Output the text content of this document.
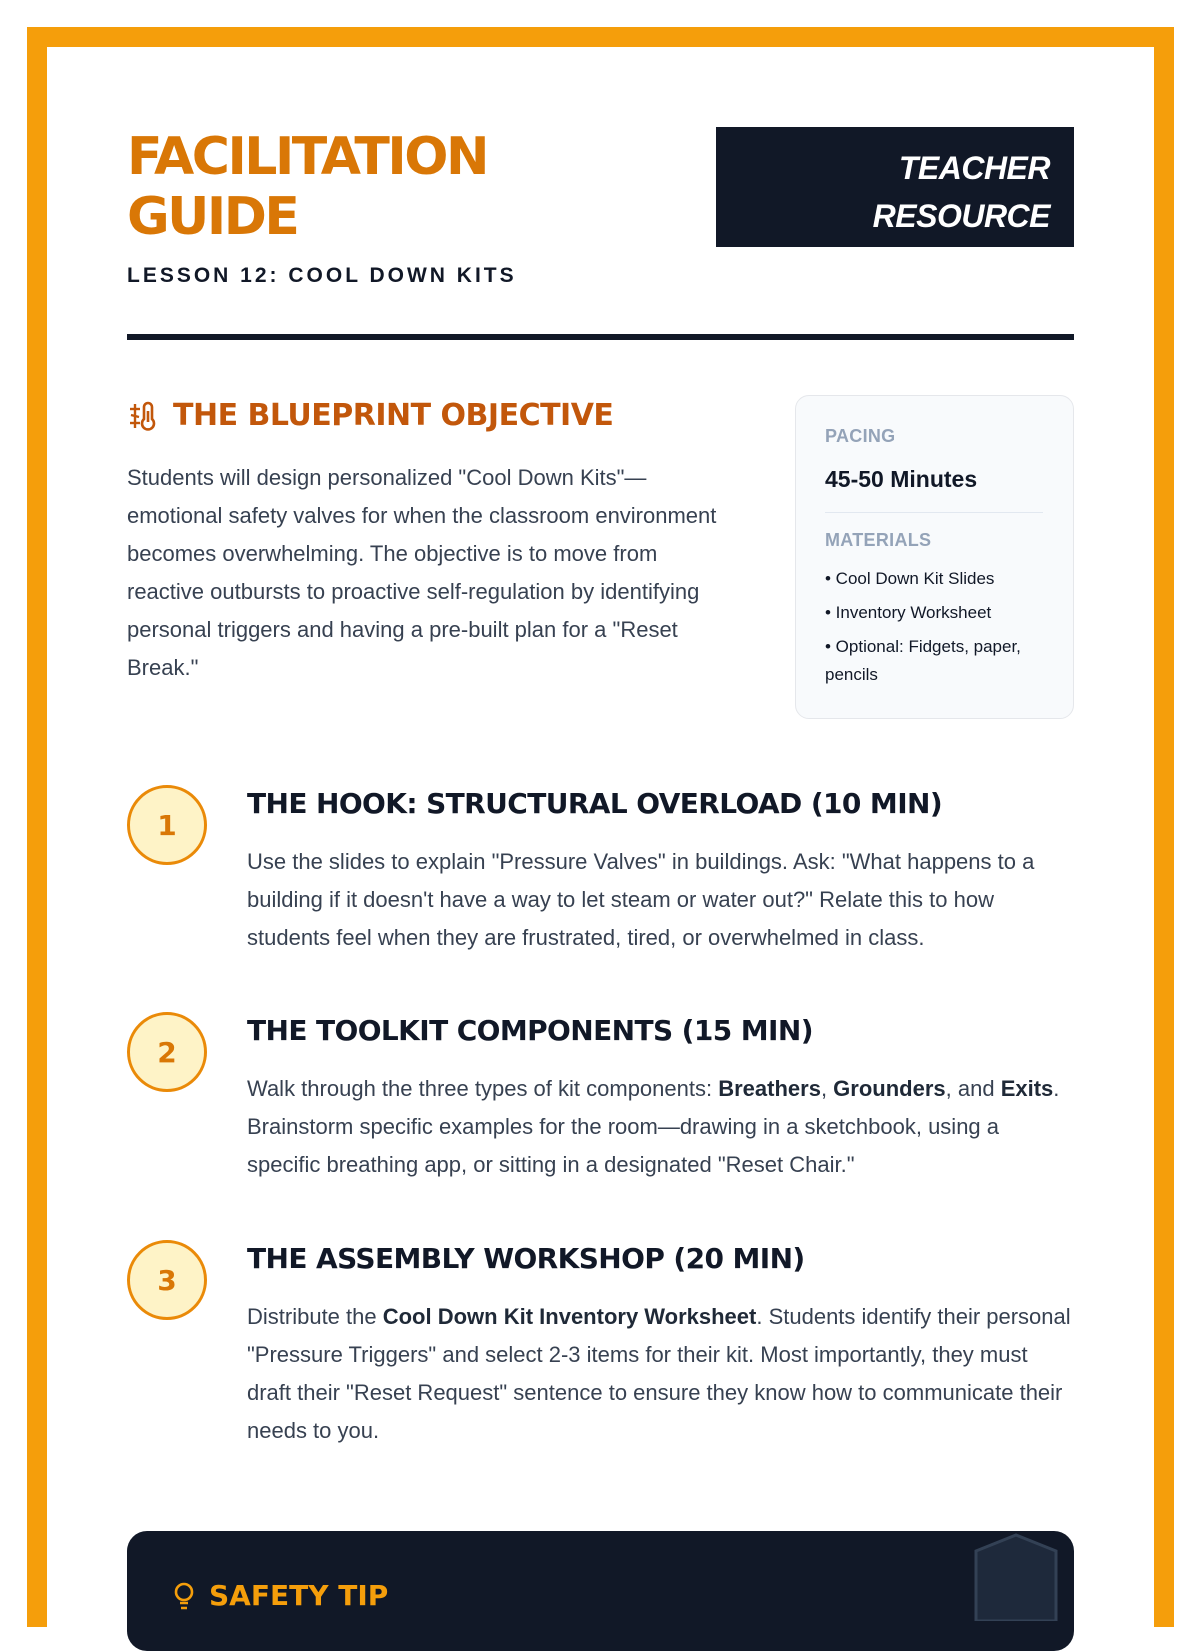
FACILITATION
GUIDE
LESSON 12: COOL DOWN KITS
TEACHER
RESOURCE
THE BLUEPRINT OBJECTIVE

Students will design personalized "Cool Down Kits"—emotional safety valves for when the classroom environment becomes overwhelming. The objective is to move from reactive outbursts to proactive self-regulation by identifying personal triggers and having a pre-built plan for a "Reset Break."

PACING
45-50 Minutes
MATERIALS
• Cool Down Kit Slides
• Inventory Worksheet
• Optional: Fidgets, paper, pencils
1
THE HOOK: STRUCTURAL OVERLOAD (10 MIN)

Use the slides to explain "Pressure Valves" in buildings. Ask: "What happens to a building if it doesn't have a way to let steam or water out?" Relate this to how students feel when they are frustrated, tired, or overwhelmed in class.

2
THE TOOLKIT COMPONENTS (15 MIN)

Walk through the three types of kit components: Breathers, Grounders, and Exits. Brainstorm specific examples for the room—drawing in a sketchbook, using a specific breathing app, or sitting in a designated "Reset Chair."

3
THE ASSEMBLY WORKSHOP (20 MIN)

Distribute the Cool Down Kit Inventory Worksheet. Students identify their personal "Pressure Triggers" and select 2-3 items for their kit. Most importantly, they must draft their "Reset Request" sentence to ensure they know how to communicate their needs to you.

SAFETY TIP
